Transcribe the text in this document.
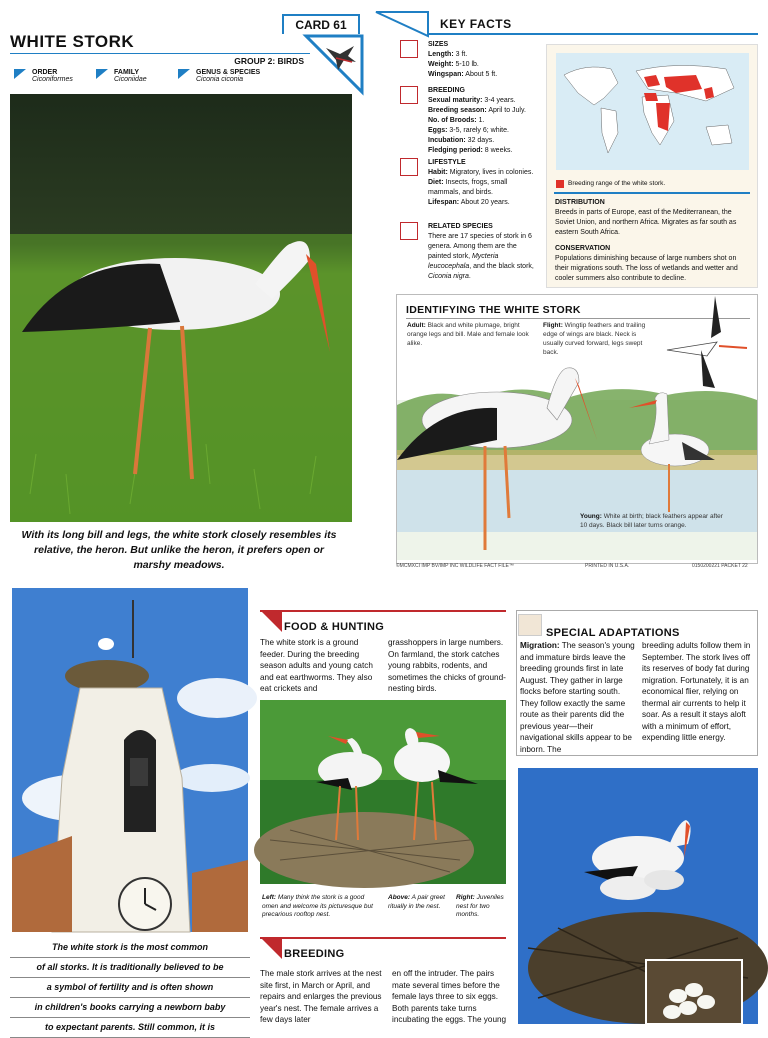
CARD 61
WHITE STORK
GROUP 2: BIRDS
ORDER
Ciconiformes
FAMILY
Ciconiidae
GENUS & SPECIES
Ciconia ciconia
With its long bill and legs, the white stork closely resembles its relative, the heron. But unlike the heron, it prefers open or marshy meadows.
KEY FACTS
SIZES
Length: 3 ft.
Weight: 5-10 lb.
Wingspan: About 5 ft.
BREEDING
Sexual maturity: 3-4 years.
Breeding season: April to July.
No. of Broods: 1.
Eggs: 3-5, rarely 6; white.
Incubation: 32 days.
Fledging period: 8 weeks.
LIFESTYLE
Habit: Migratory, lives in colonies.
Diet: Insects, frogs, small mammals, and birds.
Lifespan: About 20 years.
RELATED SPECIES
There are 17 species of stork in 6 genera. Among them are the painted stork, Mycteria leucocephala, and the black stork, Ciconia nigra.
Breeding range of the white stork.
DISTRIBUTION
Breeds in parts of Europe, east of the Mediterranean, the Soviet Union, and northern Africa. Migrates as far south as eastern South Africa.
CONSERVATION
Populations diminishing because of large numbers shot on their migrations south. The loss of wetlands and wetter and cooler summers also contribute to decline.
IDENTIFYING THE WHITE STORK
Adult: Black and white plumage, bright orange legs and bill. Male and female look alike.
Flight: Wingtip feathers and trailing edge of wings are black. Neck is usually curved forward, legs swept back.
Young: White at birth; black feathers appear after 10 days. Black bill later turns orange.
©MCMXCI IMP BV/IMP INC WILDLIFE FACT FILE™	PRINTED IN U.S.A.	0150200221 PACKET 22
The white stork is the most common
of all storks. It is traditionally believed to be
a symbol of fertility and is often shown
in children's books carrying a newborn baby
to expectant parents. Still common, it is
FOOD & HUNTING
The white stork is a ground feeder. During the breeding season adults and young catch and eat earthworms. They also eat crickets and
grasshoppers in large numbers. On farmland, the stork catches young rabbits, rodents, and sometimes the chicks of ground-nesting birds.
Left: Many think the stork is a good omen and welcome its picturesque but precarious rooftop nest.
Above: A pair greet ritually in the nest.
Right: Juveniles nest for two months.
BREEDING
The male stork arrives at the nest site first, in March or April, and repairs and enlarges the previous year's nest. The female arrives a few days later
en off the intruder. The pairs mate several times before the female lays three to six eggs. Both parents take turns incubating the eggs. The young
SPECIAL ADAPTATIONS
Migration: The season's young and immature birds leave the breeding grounds first in late August. They gather in large flocks before starting south. They follow exactly the same route as their parents did the previous year—their navigational skills appear to be inborn. The
breeding adults follow them in September. The stork lives off its reserves of body fat during migration. Fortunately, it is an economical flier, relying on thermal air currents to help it soar. As a result it stays aloft with a minimum of effort, expending little energy.
